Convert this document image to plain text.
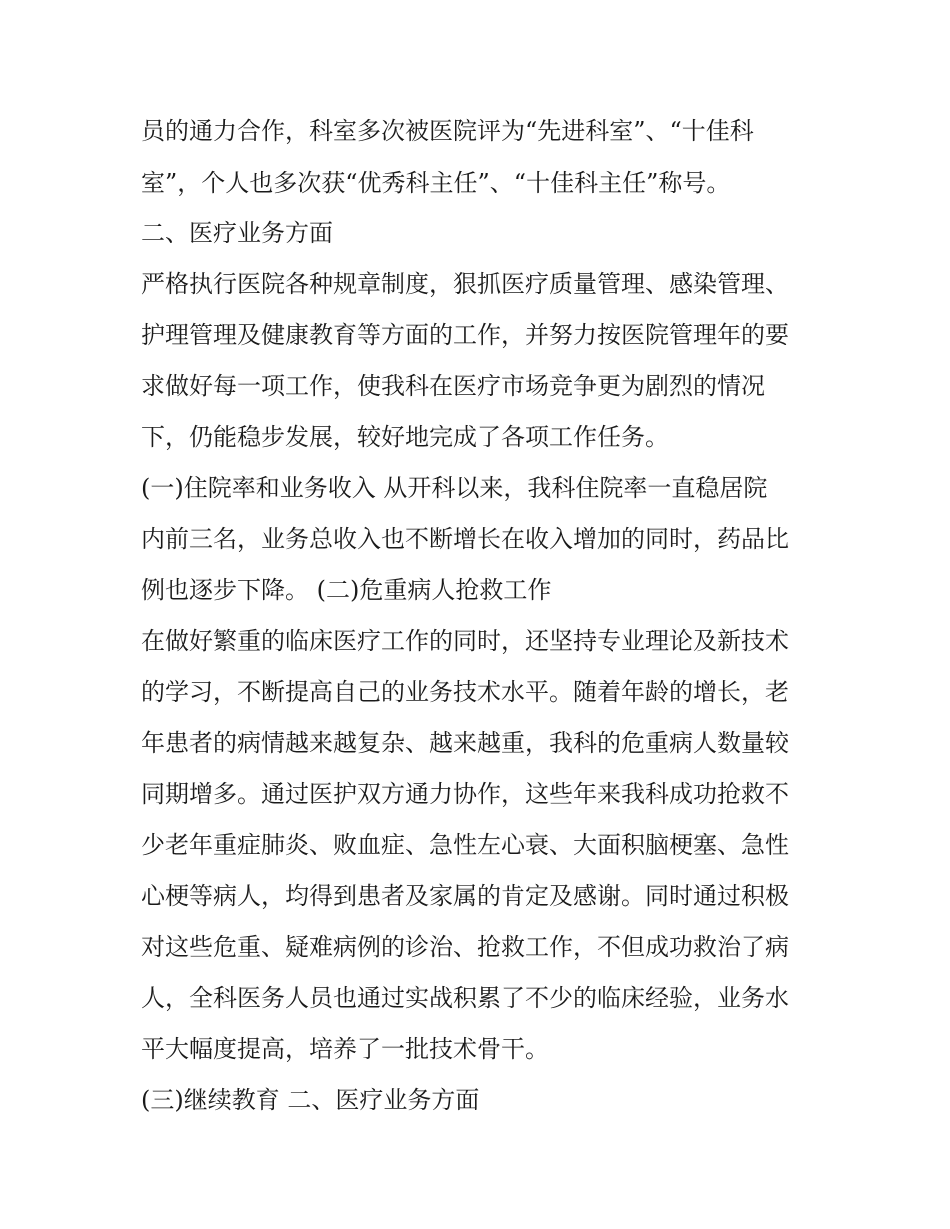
员的通力合作，科室多次被医院评为“先进科室”、“十佳科
室”，个人也多次获“优秀科主任”、“十佳科主任”称号。
二、医疗业务方面
严格执行医院各种规章制度，狠抓医疗质量管理、感染管理、
护理管理及健康教育等方面的工作，并努力按医院管理年的要
求做好每一项工作，使我科在医疗市场竞争更为剧烈的情况
下，仍能稳步发展，较好地完成了各项工作任务。
(一)住院率和业务收入 从开科以来，我科住院率一直稳居院
内前三名，业务总收入也不断增长在收入增加的同时，药品比
例也逐步下降。 (二)危重病人抢救工作
在做好繁重的临床医疗工作的同时，还坚持专业理论及新技术
的学习，不断提高自己的业务技术水平。随着年龄的增长，老
年患者的病情越来越复杂、越来越重，我科的危重病人数量较
同期增多。通过医护双方通力协作，这些年来我科成功抢救不
少老年重症肺炎、败血症、急性左心衰、大面积脑梗塞、急性
心梗等病人，均得到患者及家属的肯定及感谢。同时通过积极
对这些危重、疑难病例的诊治、抢救工作，不但成功救治了病
人，全科医务人员也通过实战积累了不少的临床经验，业务水
平大幅度提高，培养了一批技术骨干。
(三)继续教育 二、医疗业务方面
